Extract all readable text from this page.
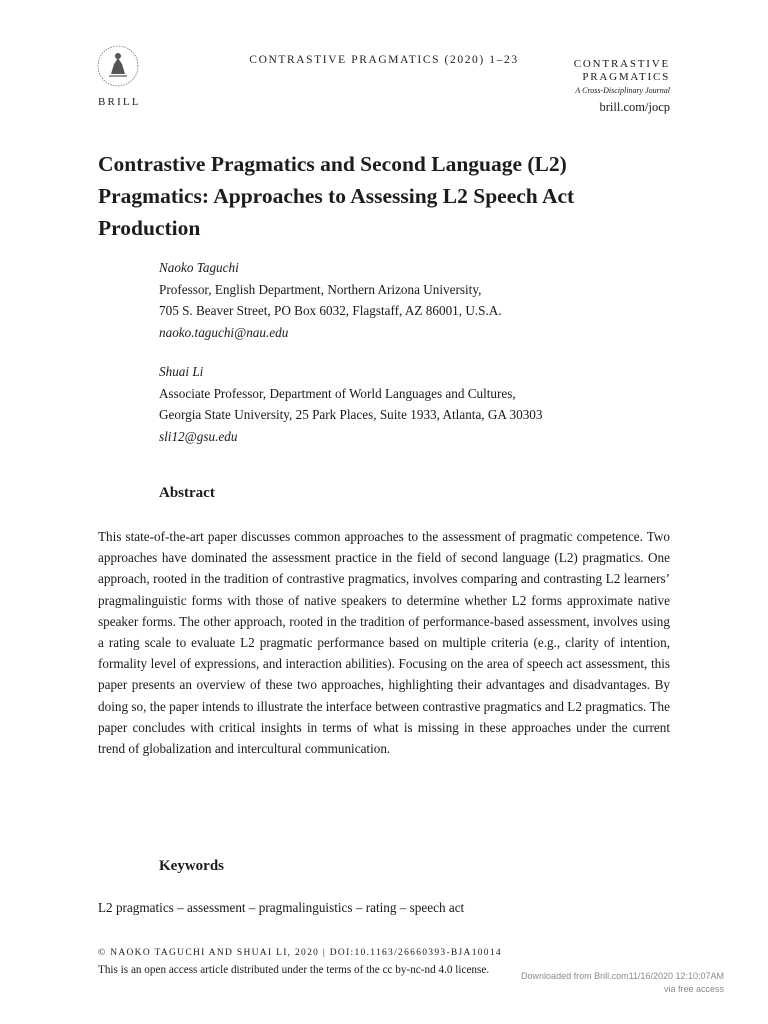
BRILL
CONTRASTIVE PRAGMATICS (2020) 1–23	CONTRASTIVE
PRAGMATICS
A Cross-Disciplinary Journal
brill.com/jocp
Contrastive Pragmatics and Second Language (L2) Pragmatics: Approaches to Assessing L2 Speech Act Production
Naoko Taguchi
Professor, English Department, Northern Arizona University,
705 S. Beaver Street, PO Box 6032, Flagstaff, AZ 86001, U.S.A.
naoko.taguchi@nau.edu
Shuai Li
Associate Professor, Department of World Languages and Cultures,
Georgia State University, 25 Park Places, Suite 1933, Atlanta, GA 30303
sli12@gsu.edu
Abstract
This state-of-the-art paper discusses common approaches to the assessment of pragmatic competence. Two approaches have dominated the assessment practice in the field of second language (L2) pragmatics. One approach, rooted in the tradition of contrastive pragmatics, involves comparing and contrasting L2 learners’ pragmalinguistic forms with those of native speakers to determine whether L2 forms approximate native speaker forms. The other approach, rooted in the tradition of performance-based assessment, involves using a rating scale to evaluate L2 pragmatic performance based on multiple criteria (e.g., clarity of intention, formality level of expressions, and interaction abilities). Focusing on the area of speech act assessment, this paper presents an overview of these two approaches, highlighting their advantages and disadvantages. By doing so, the paper intends to illustrate the interface between contrastive pragmatics and L2 pragmatics. The paper concludes with critical insights in terms of what is missing in these approaches under the current trend of globalization and intercultural communication.
Keywords
L2 pragmatics – assessment – pragmalinguistics – rating – speech act
© NAOKO TAGUCHI AND SHUAI LI, 2020 | DOI:10.1163/26660393-BJA10014
This is an open access article distributed under the terms of the cc by-nc-nd 4.0 license.	Downloaded from Brill.com11/16/2020 12:10:07AM
via free access
